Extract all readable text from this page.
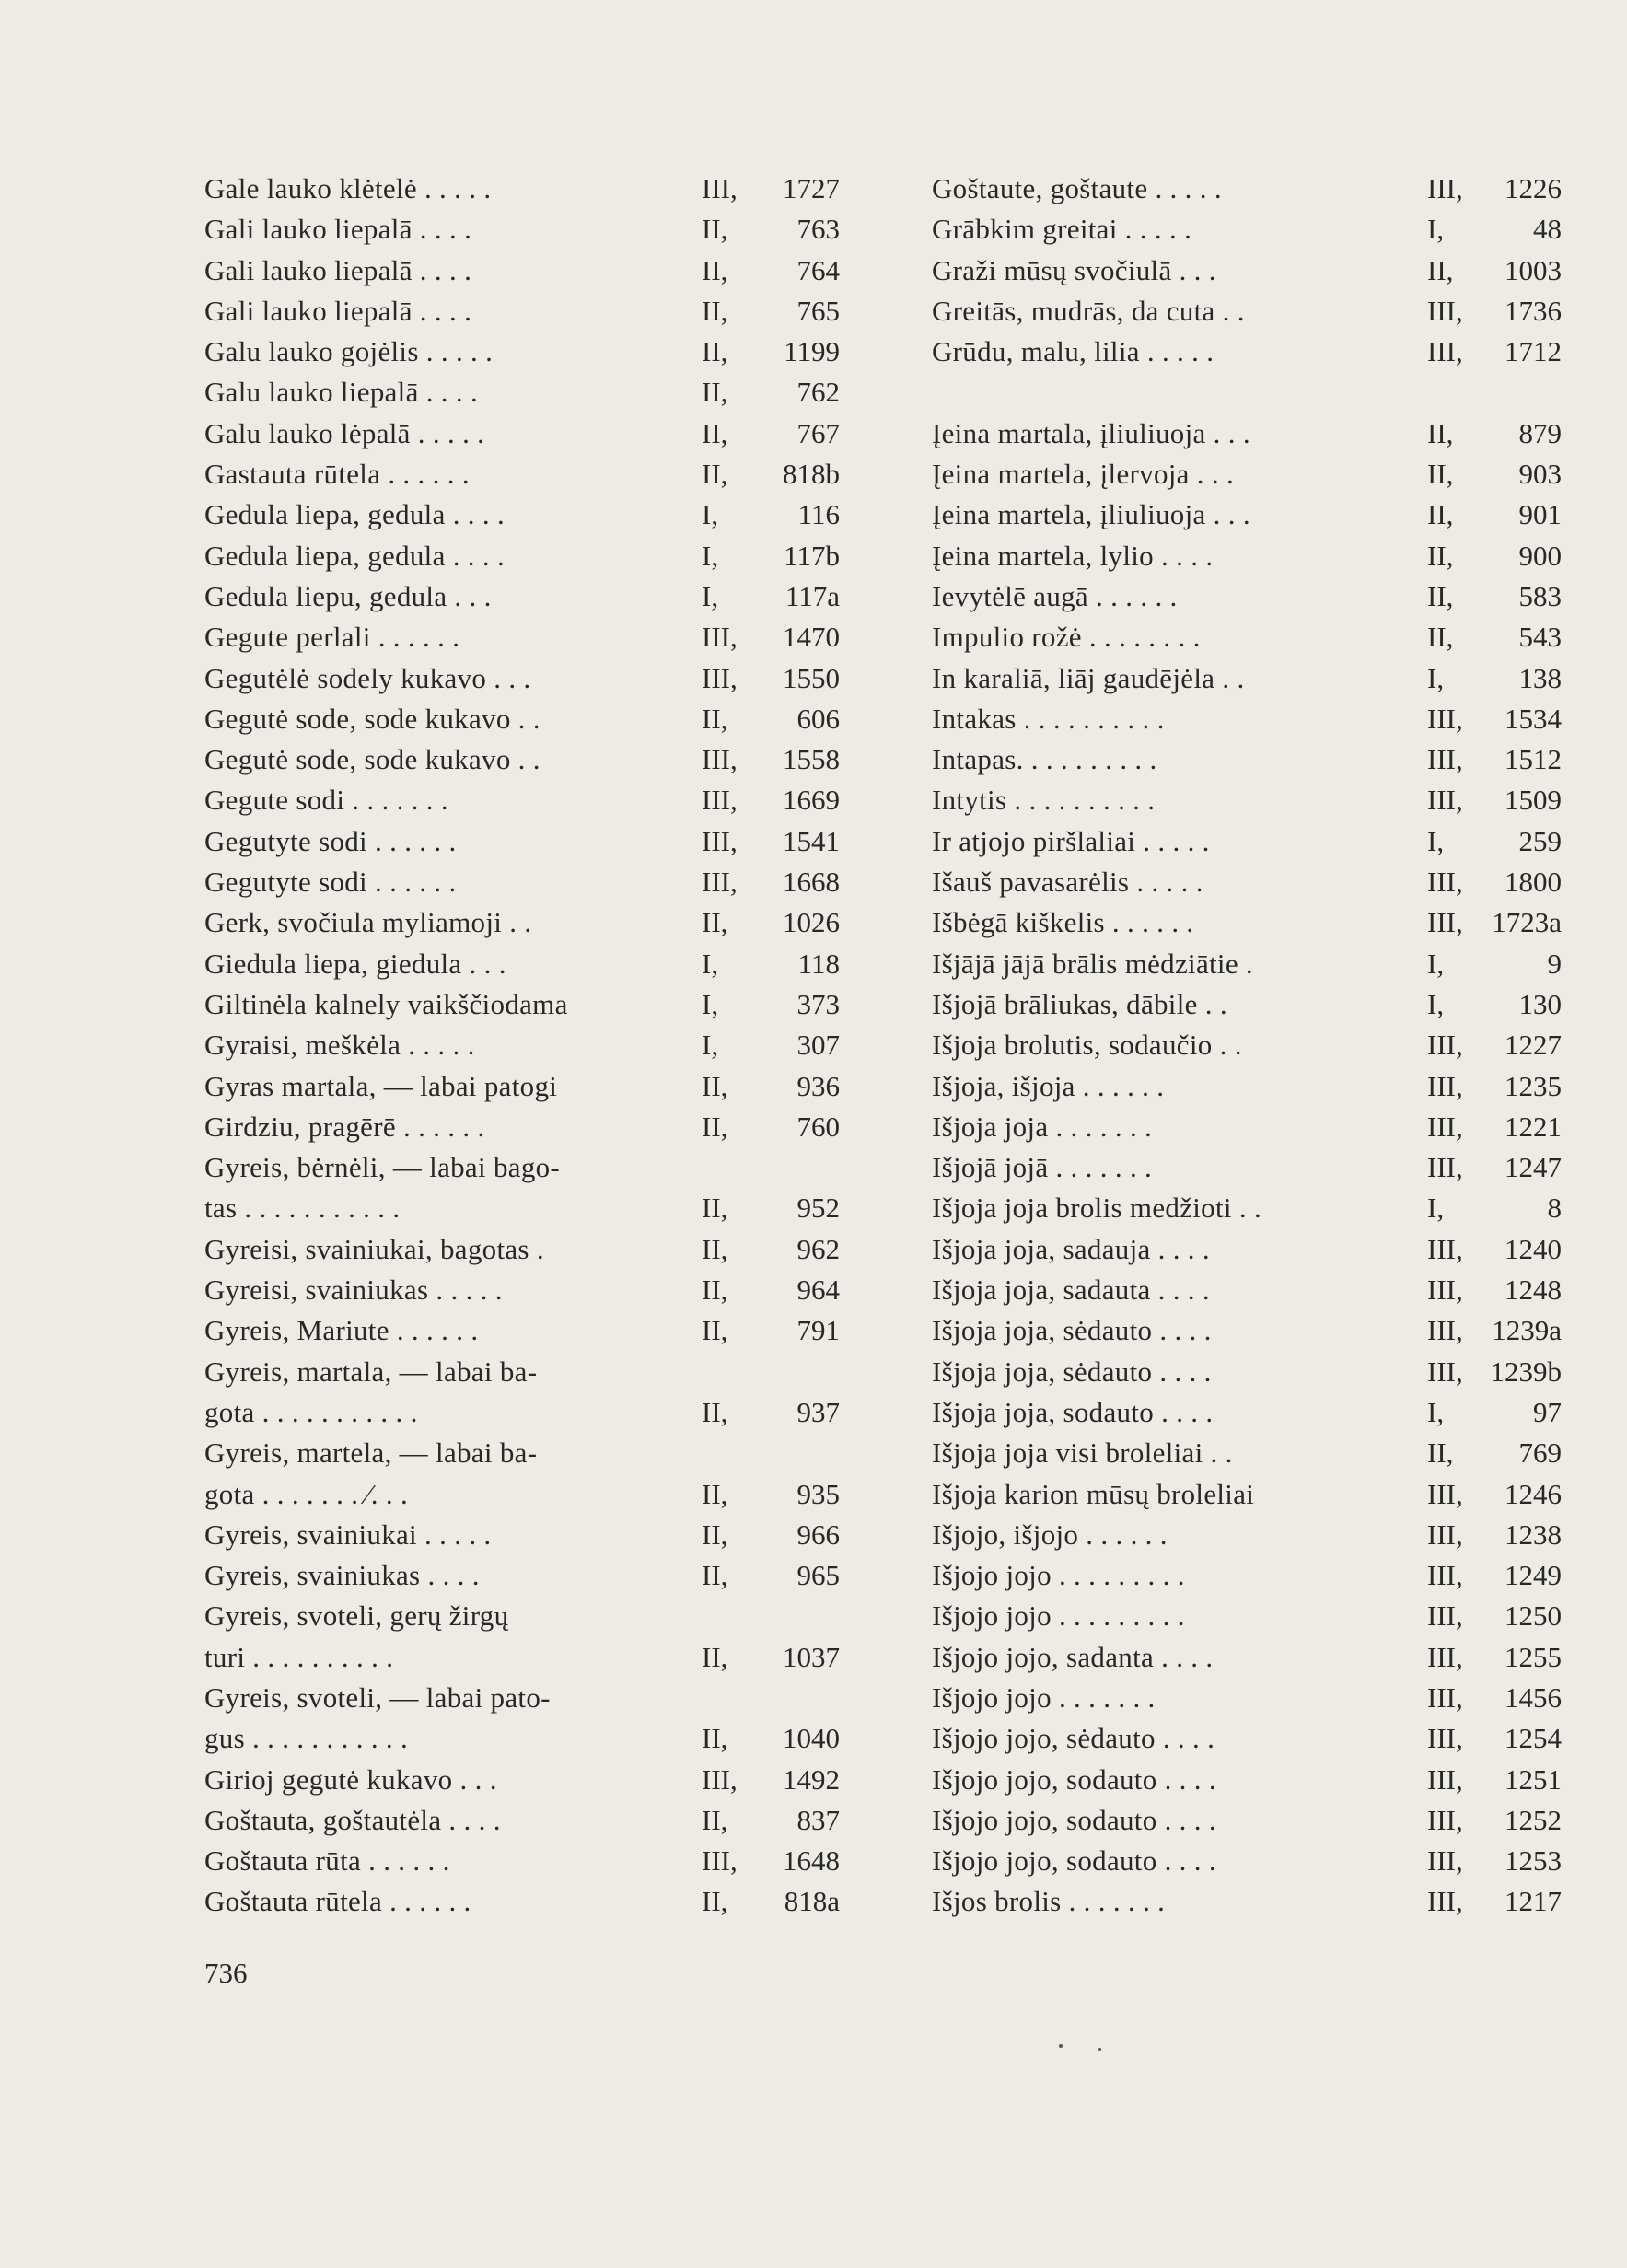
Gale lauko klėtelė . . . . .	III,	1727
Gali lauko liepalā . . . .	II,	763
Gali lauko liepalā . . . .	II,	764
Gali lauko liepalā . . . .	II,	765
Galu lauko gojėlis . . . . .	II,	1199
Galu lauko liepalā . . . .	II,	762
Galu lauko lėpalā . . . . .	II,	767
Gastauta rūtela . . . . . .	II,	818b
Gedula liepa, gedula . . . .	I,	116
Gedula liepa, gedula . . . .	I,	117b
Gedula liepu, gedula . . .	I,	117a
Gegute perlali . . . . . .	III,	1470
Gegutėlė sodely kukavo . . .	III,	1550
Gegutė sode, sode kukavo . .	II,	606
Gegutė sode, sode kukavo . .	III,	1558
Gegute sodi . . . . . . .	III,	1669
Gegutyte sodi . . . . . .	III,	1541
Gegutyte sodi . . . . . .	III,	1668
Gerk, svočiula myliamoji . .	II,	1026
Giedula liepa, giedula . . .	I,	118
Giltinėla kalnely vaikščiodama	I,	373
Gyraisi, meškėla . . . . .	I,	307
Gyras martala, — labai patogi	II,	936
Girdziu, pragērē . . . . . .	II,	760
Gyreis, bėrnėli, — labai bago-
tas . . . . . . . . . . .	II,	952
Gyreisi, svainiukai, bagotas .	II,	962
Gyreisi, svainiukas . . . . .	II,	964
Gyreis, Mariute . . . . . .	II,	791
Gyreis, martala, — labai ba-
gota . . . . . . . . . . .	II,	937
Gyreis, martela, — labai ba-
gota . . . . . . . ⁄. . .	II,	935
Gyreis, svainiukai . . . . .	II,	966
Gyreis, svainiukas . . . .	II,	965
Gyreis, svoteli, gerų žirgų
turi . . . . . . . . . .	II,	1037
Gyreis, svoteli, — labai pato-
gus . . . . . . . . . . .	II,	1040
Girioj gegutė kukavo . . .	III,	1492
Goštauta, goštautėla . . . .	II,	837
Goštauta rūta . . . . . .	III,	1648
Goštauta rūtela . . . . . .	II,	818a
Goštaute, goštaute . . . . .	III,	1226
Grābkim greitai . . . . .	I,	48
Graži mūsų svočiulā . . .	II,	1003
Greitās, mudrās, da cuta . .	III,	1736
Grūdu, malu, lilia . . . . .	III,	1712
Įeina martala, įliuliuoja . . .	II,	879
Įeina martela, įlervoja . . .	II,	903
Įeina martela, įliuliuoja . . .	II,	901
Įeina martela, lylio . . . .	II,	900
Ievytėlē augā . . . . . .	II,	583
Impulio rožė . . . . . . . .	II,	543
In karaliā, liāj gaudējėla . .	I,	138
Intakas . . . . . . . . . .	III,	1534
Intapas. . . . . . . . . .	III,	1512
Intytis . . . . . . . . . .	III,	1509
Ir atjojo piršlaliai . . . . .	I,	259
Išauš pavasarėlis . . . . .	III,	1800
Išbėgā kiškelis . . . . . .	III,	1723a
Išjājā jājā brālis mėdziātie .	I,	9
Išjojā brāliukas, dābile . .	I,	130
Išjoja brolutis, sodaučio . .	III,	1227
Išjoja, išjoja . . . . . .	III,	1235
Išjoja joja . . . . . . .	III,	1221
Išjojā jojā . . . . . . .	III,	1247
Išjoja joja brolis medžioti . .	I,	8
Išjoja joja, sadauja . . . .	III,	1240
Išjoja joja, sadauta . . . .	III,	1248
Išjoja joja, sėdauto . . . .	III,	1239a
Išjoja joja, sėdauto . . . .	III, 1239b
Išjoja joja, sodauto . . . .	I,	97
Išjoja joja visi broleliai . .	II,	769
Išjoja karion mūsų broleliai	III,	1246
Išjojo, išjojo . . . . . .	III,	1238
Išjojo jojo . . . . . . . . .	III,	1249
Išjojo jojo . . . . . . . . .	III,	1250
Išjojo jojo, sadanta . . . .	III,	1255
Išjojo jojo . . . . . . .	III,	1456
Išjojo jojo, sėdauto . . . .	III,	1254
Išjojo jojo, sodauto . . . .	III,	1251
Išjojo jojo, sodauto . . . .	III,	1252
Išjojo jojo, sodauto . . . .	III,	1253
Išjos brolis . . . . . . .	III,	1217
736
